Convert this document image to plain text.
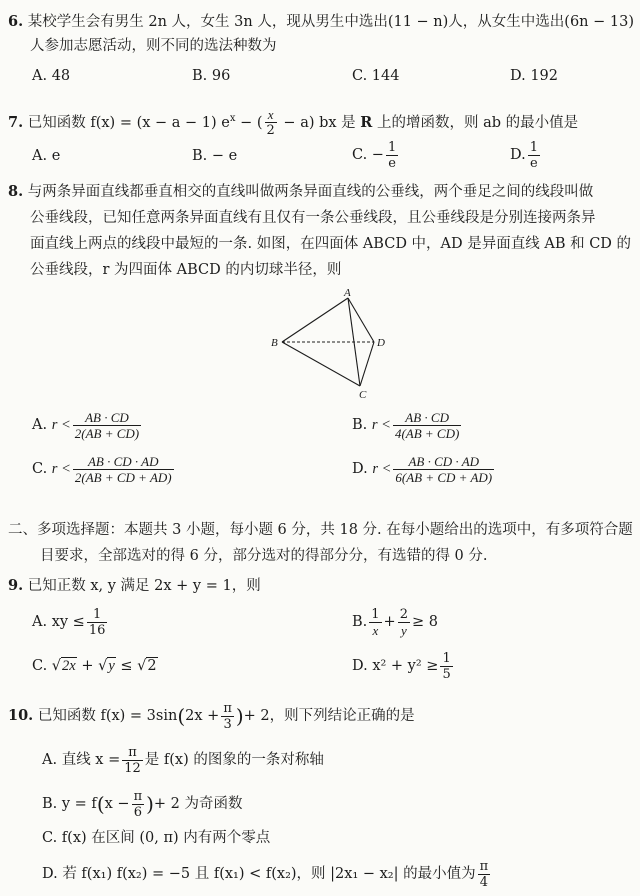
6. 某校学生会有男生 2n 人，女生 3n 人，现从男生中选出(11 − n)人，从女生中选出(6n − 13)
人参加志愿活动，则不同的选法种数为
A. 48	B. 96	C. 144	D. 192
7. 已知函数 f(x) = (x − a − 1) $e^x$ − ( $\frac{x}{2} - a$) bx 是 R 上的增函数，则 ab 的最小值是
A. e	B. − e	C. − $\frac{1}{e}$	D. $\frac{1}{e}$
8. 与两条异面直线都垂直相交的直线叫做两条异面直线的公垂线，两个垂足之间的线段叫做
公垂线段，已知任意两条异面直线有且仅有一条公垂线段，且公垂线段是分别连接两条异
面直线上两点的线段中最短的一条. 如图，在四面体 ABCD 中，AD 是异面直线 AB 和 CD 的
公垂线段，r 为四面体 ABCD 的内切球半径，则
A
B
C
D
A. $r < \frac{AB \cdot CD}{2(AB + CD)}$	B. $r < \frac{AB \cdot CD}{4(AB + CD)}$
C. $r < \frac{AB \cdot CD \cdot AD}{2(AB + CD + AD)}$	D. $r < \frac{AB \cdot CD \cdot AD}{6(AB + CD + AD)}$
二、多项选择题：本题共 3 小题，每小题 6 分，共 18 分. 在每小题给出的选项中，有多项符合题
目要求，全部选对的得 6 分，部分选对的得部分分，有选错的得 0 分.
9. 已知正数 x, y 满足 2x + y = 1，则
A. xy ≤ $\frac{1}{16}$	B. $\frac{1}{x} + \frac{2}{y} \ge 8$
C. √2x + √y ≤ √2	D. $x^2 + y^2 \ge \frac{1}{5}$
10. 已知函数 $f(x) = 3\sin(2x + \frac{\pi}{3}$ )+ 2，则下列结论正确的是
A. 直线 $x = \frac{\pi}{12}$ 是 f(x) 的图象的一条对称轴
B. $y = f(x - \frac{\pi}{6}$ )+ 2 为奇函数
C. f(x) 在区间 (0, π) 内有两个零点
D. 若 f(x₁) f(x₂) = −5 且 f(x₁) < f(x₂)，则 |2x₁ − x₂| 的最小值为 $\frac{\pi}{4}$
